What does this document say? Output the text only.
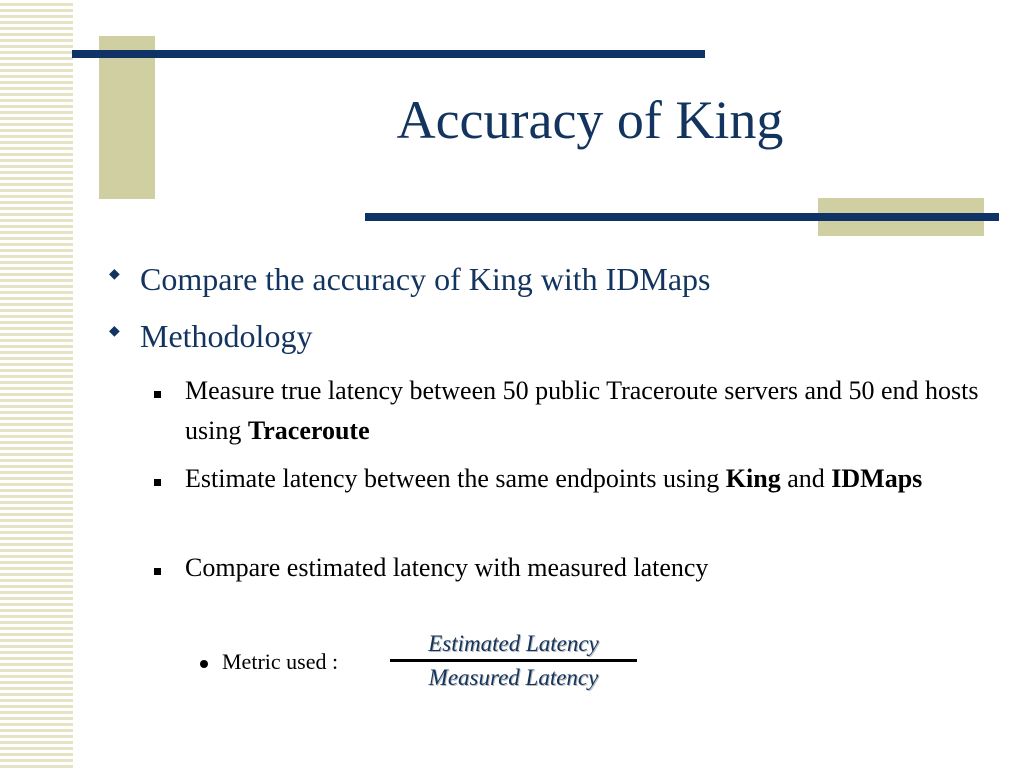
Accuracy of King
◆ Compare the accuracy of King with IDMaps
◆ Methodology
Measure true latency between 50 public Traceroute servers and 50 end hosts using Traceroute
Estimate latency between the same endpoints using King and IDMaps
Compare estimated latency with measured latency
Metric used :
Estimated Latency
Measured Latency
